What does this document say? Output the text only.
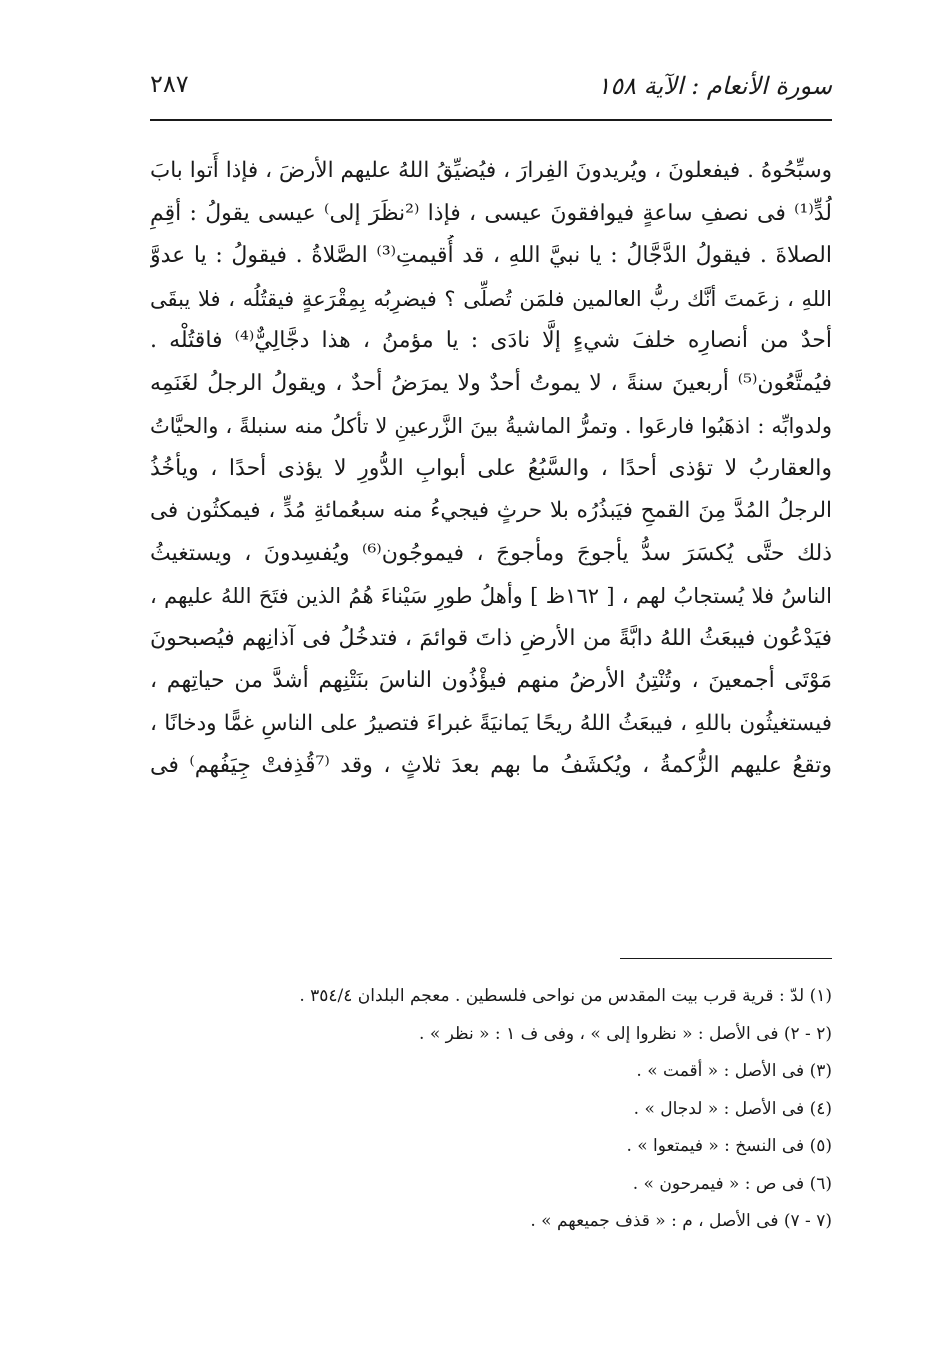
سورة الأنعام : الآية ١٥٨
٢٨٧
وسبِّحُوهُ . فيفعلونَ ، ويُريدونَ الفِرارَ ، فيُضيِّقُ اللهُ عليهم الأرضَ ، فإذا أَتوا بابَ
لُدٍّ⁽¹⁾ فى نصفِ ساعةٍ فيوافقونَ عيسى ، فإذا ⁽²نظَرَ إلى⁾ عيسى يقولُ : أقِمِ
الصلاةَ . فيقولُ الدَّجَّالُ : يا نبيَّ اللهِ ، قد أُقيمتِ⁽³⁾ الصَّلاةُ . فيقولُ : يا عدوَّ
اللهِ ، زعَمتَ أنَّك ربُّ العالمين فلمَن تُصلِّى ؟ فيضرِبُه بِمِقْرَعةٍ فيقتُلُه ، فلا يبقَى
أحدٌ من أنصارِه خلفَ شيءٍ إلَّا نادَى : يا مؤمنُ ، هذا دجَّالِيٌّ⁽⁴⁾ فاقتُلْه .
فيُمتَّعُون⁽⁵⁾ أربعينَ سنةً ، لا يموتُ أحدٌ ولا يمرَضُ أحدٌ ، ويقولُ الرجلُ لغَنَمِه
ولدوابِّه : اذهَبُوا فارعَوا . وتمرُّ الماشيةُ بينَ الزَّرعينِ لا تأكلُ منه سنبلةً ، والحيَّاتُ
والعقاربُ لا تؤذى أحدًا ، والسَّبُعُ على أبوابِ الدُّورِ لا يؤذى أحدًا ، ويأخُذُ
الرجلُ المُدَّ مِنَ القمحِ فيَبذُرُه بلا حرثٍ فيجيءُ منه سبعُمائةِ مُدٍّ ، فيمكثُون فى
ذلك حتَّى يُكسَرَ سدُّ يأجوجَ ومأجوجَ ، فيموجُون⁽⁶⁾ ويُفسِدونَ ، ويستغيثُ
الناسُ فلا يُستجابُ لهم ، [ ١٦٢ظ ] وأهلُ طورِ سَيْناءَ هُمُ الذين فتَحَ اللهُ عليهم ،
فيَدْعُون فيبعَثُ اللهُ دابَّةً من الأرضِ ذاتَ قوائمَ ، فتدخُلُ فى آذانِهم فيُصبحونَ
مَوْتَى أجمعينَ ، وتُنْتِنُ الأرضُ منهم فيؤْذُون الناسَ بنَتْنِهم أشدَّ من حياتِهم ،
فيستغيثُون باللهِ ، فيبعَثُ اللهُ ريحًا يَمانيَةً غبراءَ فتصيرُ على الناسِ غمًّا ودخانًا ،
وتقعُ عليهم الزُّكمةُ ، ويُكشَفُ ما بهم بعدَ ثلاثٍ ، وقد ⁽⁷قُذِفتْ جِيَفُهم⁾ فى
(١) لدّ : قرية قرب بيت المقدس من نواحى فلسطين . معجم البلدان ٣٥٤/٤ .
(٢ - ٢) فى الأصل : « نظروا إلى » ، وفى ف ١ : « نظر » .
(٣) فى الأصل : « أقمت » .
(٤) فى الأصل : « لدجال » .
(٥) فى النسخ : « فيمتعوا » .
(٦) فى ص : « فيمرحون » .
(٧ - ٧) فى الأصل ، م : « قذف جميعهم » .
